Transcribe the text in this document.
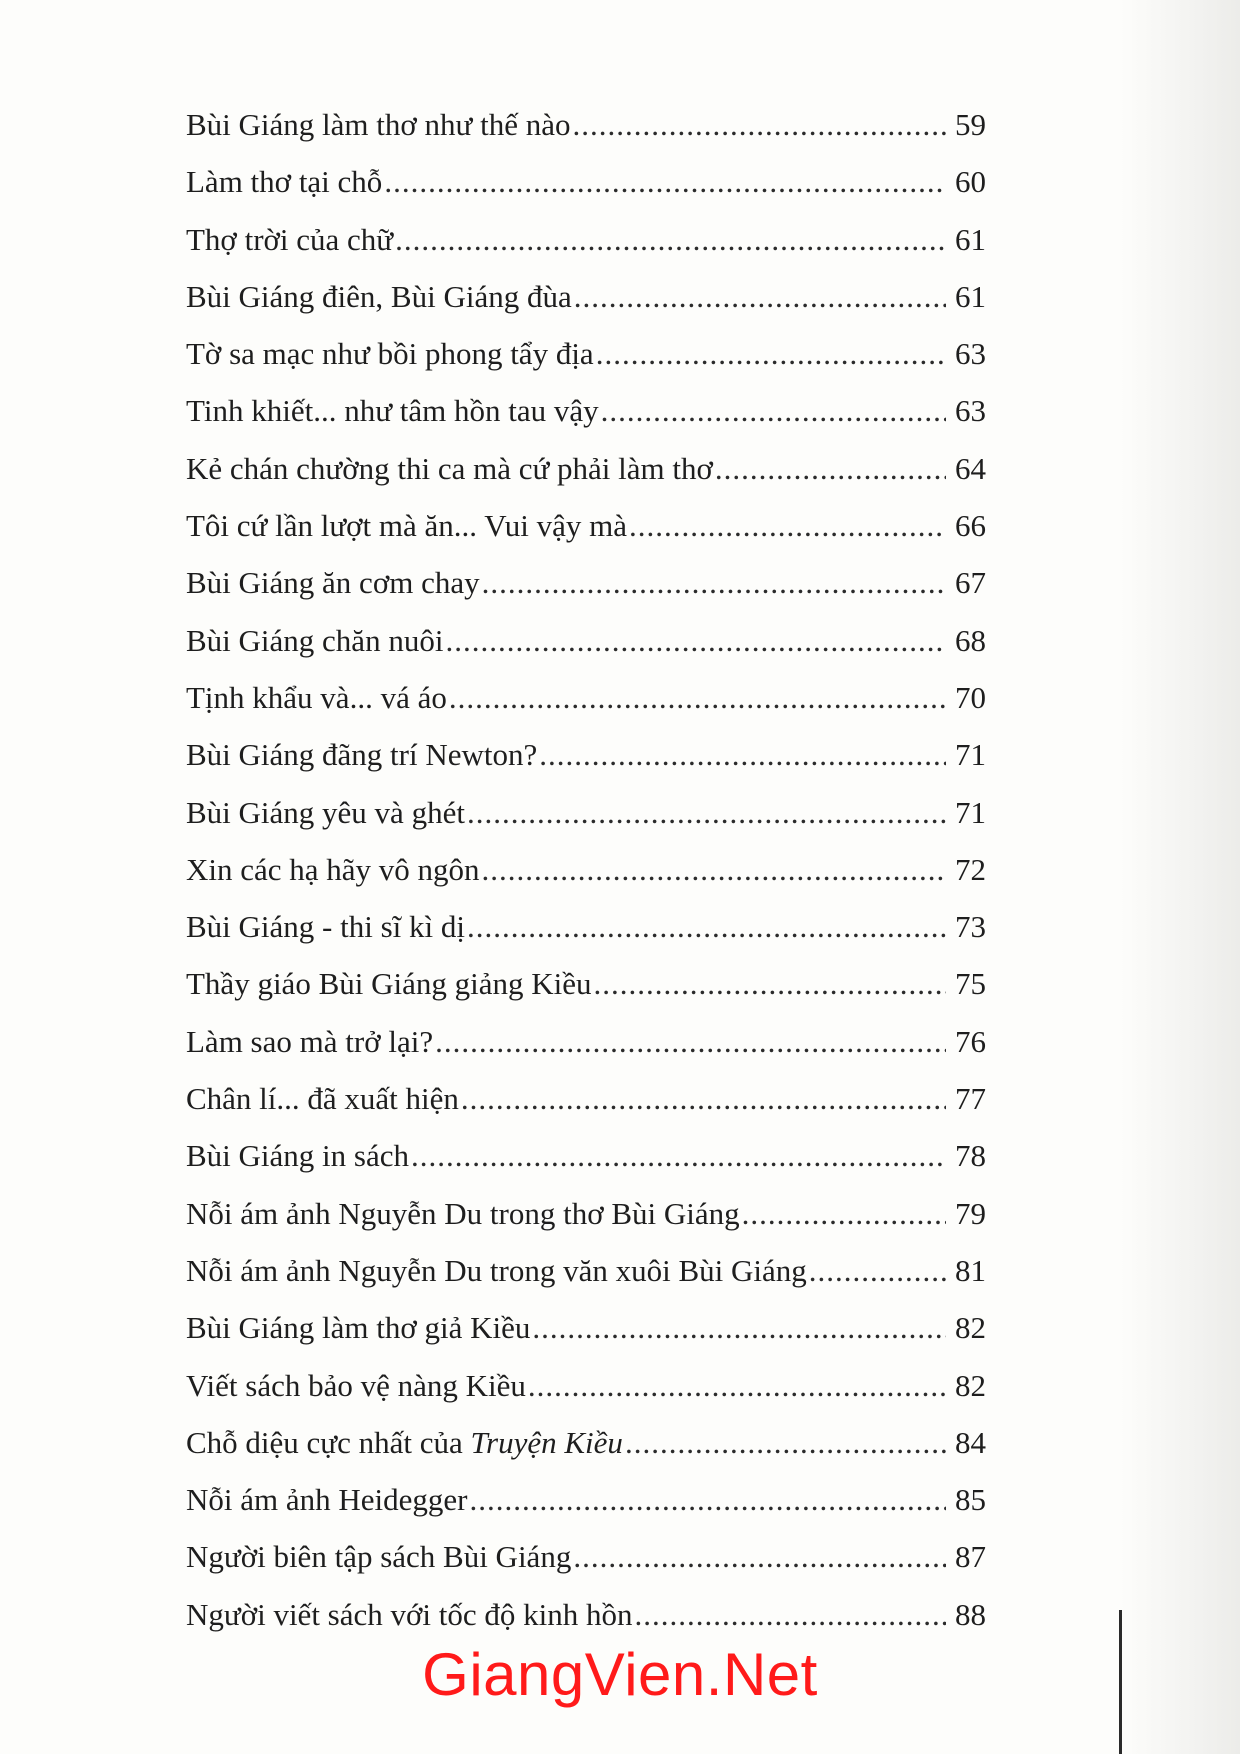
Bùi Giáng làm thơ như thế nào .....	59
Làm thơ tại chỗ .....	60
Thợ trời của chữ .....	61
Bùi Giáng điên, Bùi Giáng đùa .....	61
Tờ sa mạc như bồi phong tẩy địa .....	63
Tinh khiết... như tâm hồn tau vậy .....	63
Kẻ chán chường thi ca mà cứ phải làm thơ .....	64
Tôi cứ lần lượt mà ăn... Vui vậy mà .....	66
Bùi Giáng ăn cơm chay .....	67
Bùi Giáng chăn nuôi .....	68
Tịnh khẩu và... vá áo .....	70
Bùi Giáng đãng trí Newton? .....	71
Bùi Giáng yêu và ghét .....	71
Xin các hạ hãy vô ngôn .....	72
Bùi Giáng - thi sĩ kì dị .....	73
Thầy giáo Bùi Giáng giảng Kiều .....	75
Làm sao mà trở lại? .....	76
Chân lí... đã xuất hiện .....	77
Bùi Giáng in sách .....	78
Nỗi ám ảnh Nguyễn Du trong thơ Bùi Giáng .....	79
Nỗi ám ảnh Nguyễn Du trong văn xuôi Bùi Giáng .....	81
Bùi Giáng làm thơ giả Kiều .....	82
Viết sách bảo vệ nàng Kiều .....	82
Chỗ diệu cực nhất của Truyện Kiều .....	84
Nỗi ám ảnh Heidegger .....	85
Người biên tập sách Bùi Giáng .....	87
Người viết sách với tốc độ kinh hồn .....	88
GiangVien.Net
